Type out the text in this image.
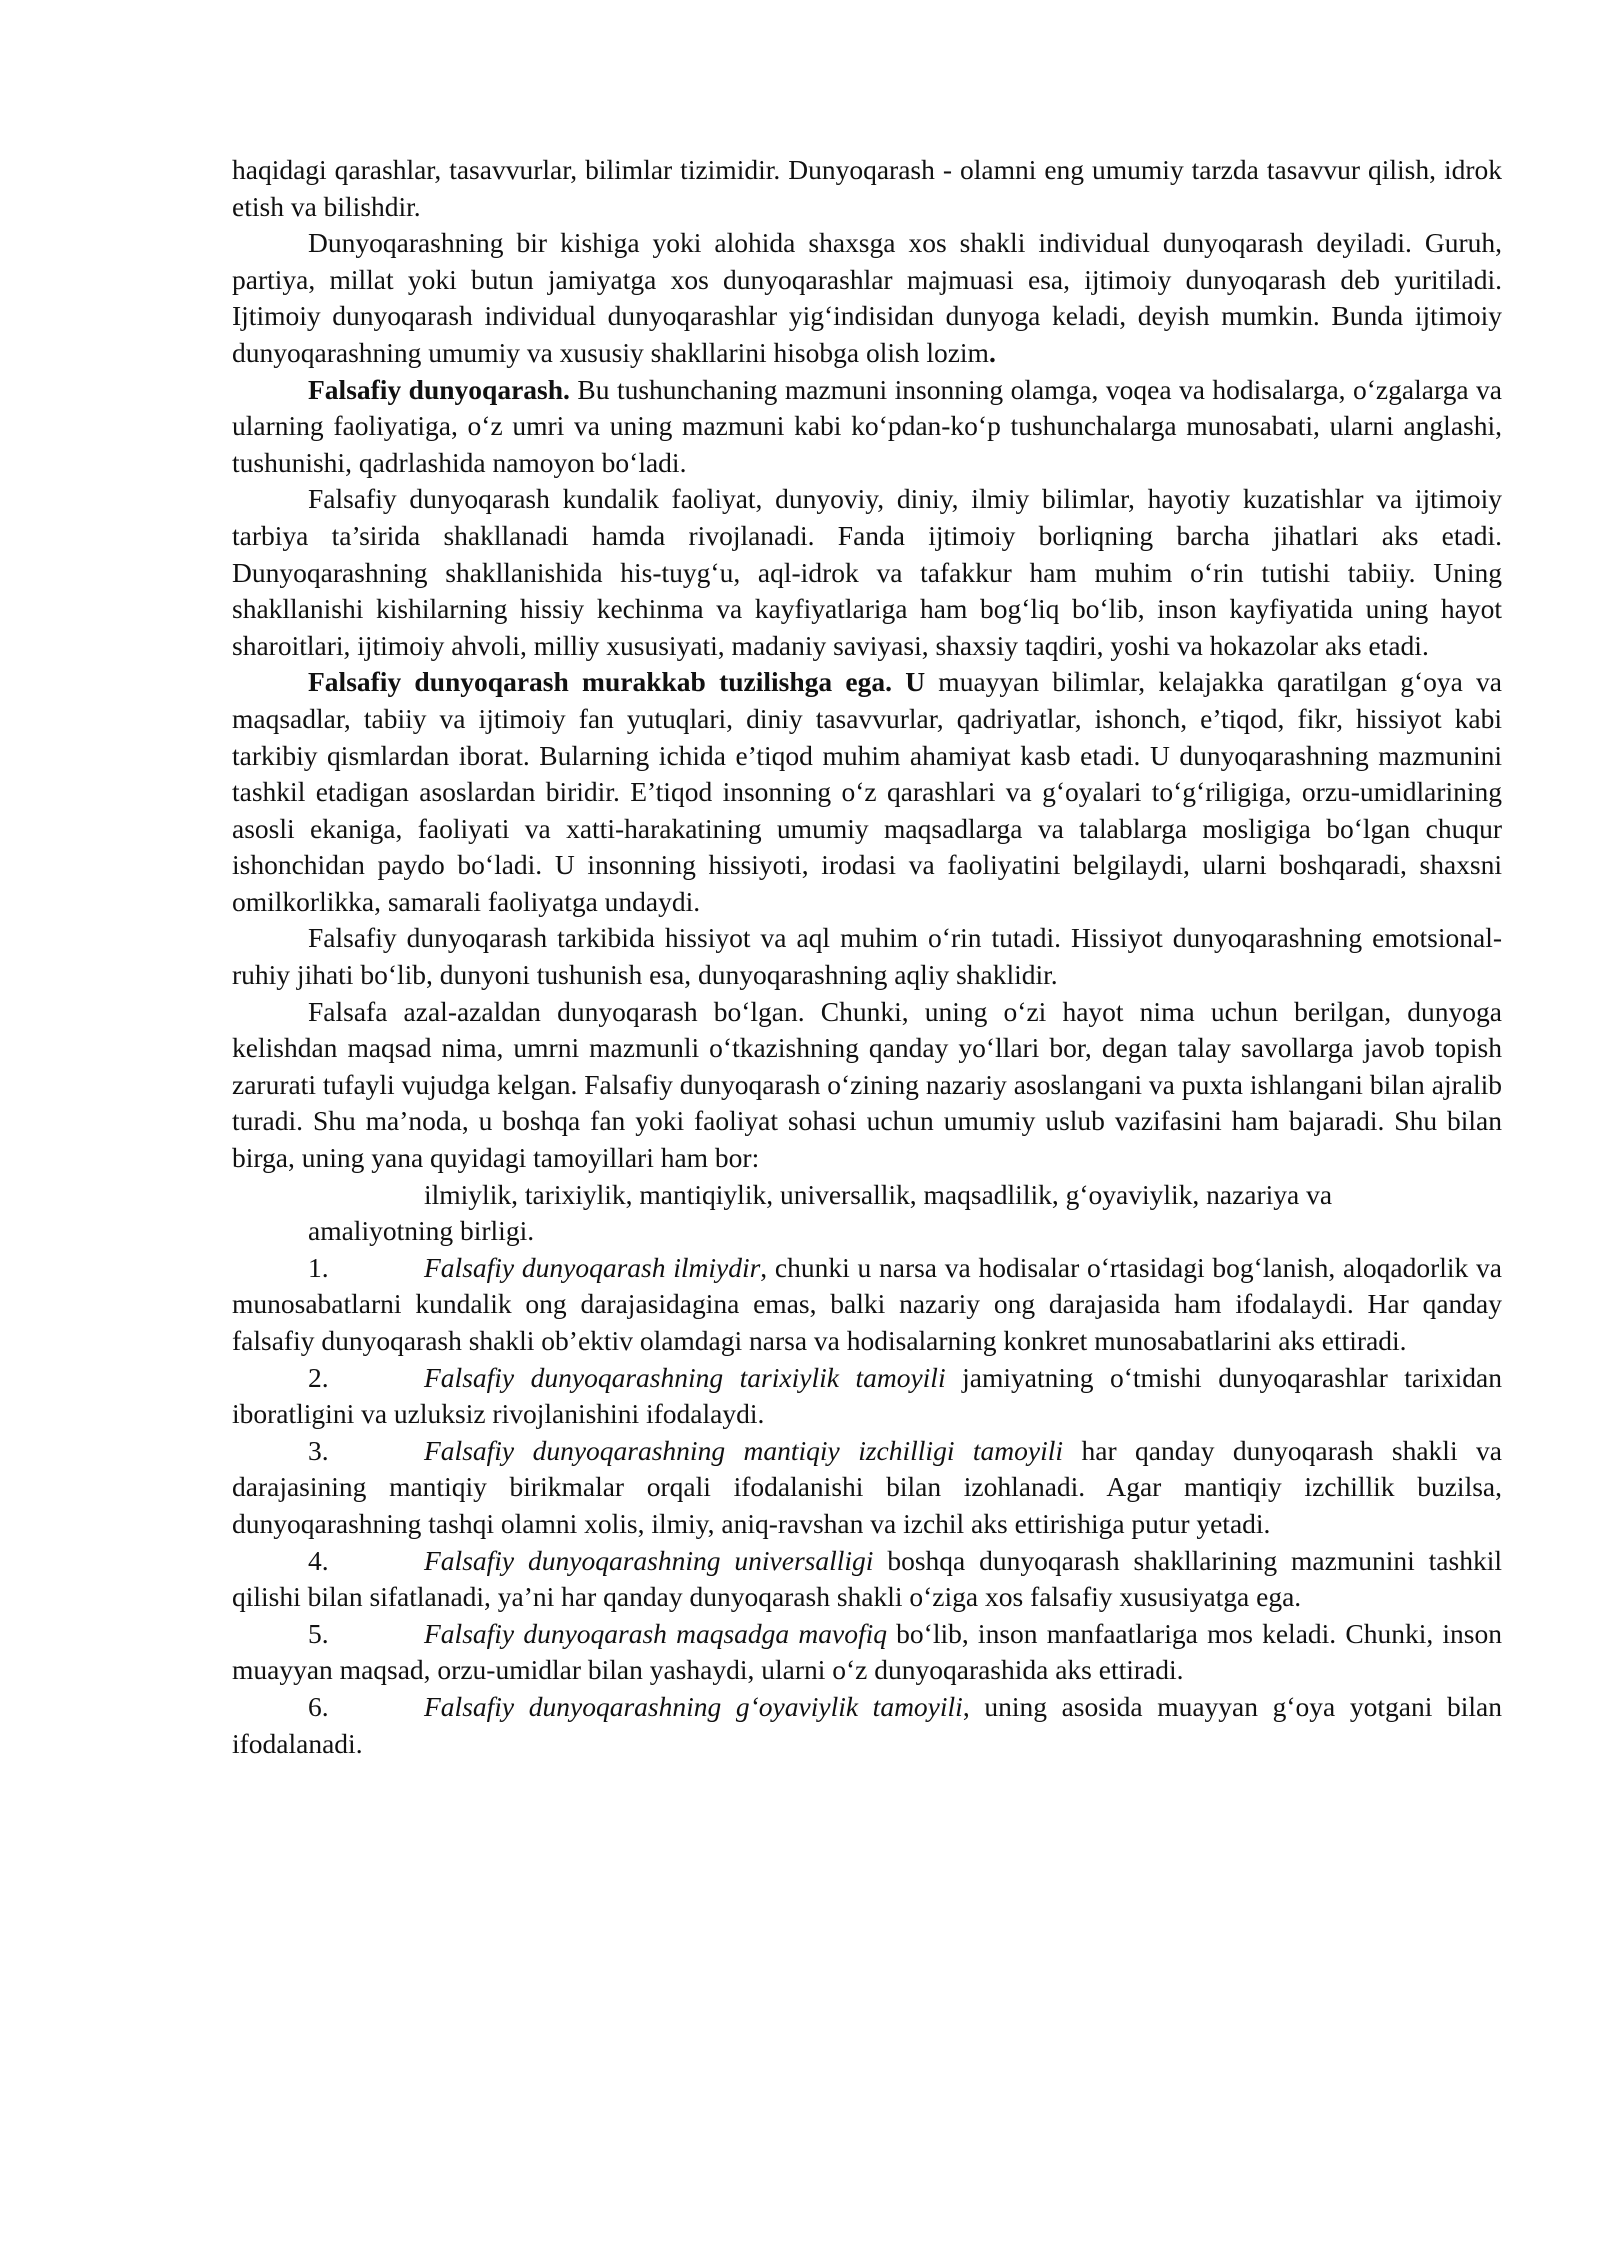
haqidagi qarashlar, tasavvurlar, bilimlar tizimidir. Dunyoqarash - olamni eng umumiy tarzda tasavvur qilish, idrok etish va bilishdir.

Dunyoqarashning bir kishiga yoki alohida shaxsga xos shakli individual dunyoqarash deyiladi. Guruh, partiya, millat yoki butun jamiyatga xos dunyoqarashlar majmuasi esa, ijtimoiy dunyoqarash deb yuritiladi. Ijtimoiy dunyoqarash individual dunyoqarashlar yig‘indisidan dunyoga keladi, deyish mumkin. Bunda ijtimoiy dunyoqarashning umumiy va xususiy shakllarini hisobga olish lozim.

Falsafiy dunyoqarash. Bu tushunchaning mazmuni insonning olamga, voqea va hodisalarga, o‘zgalarga va ularning faoliyatiga, o‘z umri va uning mazmuni kabi ko‘pdan-ko‘p tushunchalarga munosabati, ularni anglashi, tushunishi, qadrlashida namoyon bo‘ladi.

Falsafiy dunyoqarash kundalik faoliyat, dunyoviy, diniy, ilmiy bilimlar, hayotiy kuzatishlar va ijtimoiy tarbiya ta’sirida shakllanadi hamda rivojlanadi. Fanda ijtimoiy borliqning barcha jihatlari aks etadi. Dunyoqarashning shakllanishida his-tuyg‘u, aql-idrok va tafakkur ham muhim o‘rin tutishi tabiiy. Uning shakllanishi kishilarning hissiy kechinma va kayfiyatlariga ham bog‘liq bo‘lib, inson kayfiyatida uning hayot sharoitlari, ijtimoiy ahvoli, milliy xususiyati, madaniy saviyasi, shaxsiy taqdiri, yoshi va hokazolar aks etadi.

Falsafiy dunyoqarash murakkab tuzilishga ega. U muayyan bilimlar, kelajakka qaratilgan g‘oya va maqsadlar, tabiiy va ijtimoiy fan yutuqlari, diniy tasavvurlar, qadriyatlar, ishonch, e’tiqod, fikr, hissiyot kabi tarkibiy qismlardan iborat. Bularning ichida e’tiqod muhim ahamiyat kasb etadi. U dunyoqarashning mazmunini tashkil etadigan asoslardan biridir. E’tiqod insonning o‘z qarashlari va g‘oyalari to‘g‘riligiga, orzu-umidlarining asosli ekaniga, faoliyati va xatti-harakatining umumiy maqsadlarga va talablarga mosligiga bo‘lgan chuqur ishonchidan paydo bo‘ladi. U insonning hissiyoti, irodasi va faoliyatini belgilaydi, ularni boshqaradi, shaxsni omilkorlikka, samarali faoliyatga undaydi.

Falsafiy dunyoqarash tarkibida hissiyot va aql muhim o‘rin tutadi. Hissiyot dunyoqarashning emotsional-ruhiy jihati bo‘lib, dunyoni tushunish esa, dunyoqarashning aqliy shaklidir.

Falsafa azal-azaldan dunyoqarash bo‘lgan. Chunki, uning o‘zi hayot nima uchun berilgan, dunyoga kelishdan maqsad nima, umrni mazmunli o‘tkazishning qanday yo‘llari bor, degan talay savollarga javob topish zarurati tufayli vujudga kelgan. Falsafiy dunyoqarash o‘zining nazariy asoslangani va puxta ishlangani bilan ajralib turadi. Shu ma’noda, u boshqa fan yoki faoliyat sohasi uchun umumiy uslub vazifasini ham bajaradi. Shu bilan birga, uning yana quyidagi tamoyillari ham bor:

ilmiylik, tarixiylik, mantiqiylik, universallik, maqsadlilik, g‘oyaviylik, nazariya va
amaliyotning birligi.

1.	Falsafiy dunyoqarash ilmiydir, chunki u narsa va hodisalar o‘rtasidagi bog‘lanish, aloqadorlik va munosabatlarni kundalik ong darajasidagina emas, balki nazariy ong darajasida ham ifodalaydi. Har qanday falsafiy dunyoqarash shakli ob’ektiv olamdagi narsa va hodisalarning konkret munosabatlarini aks ettiradi.

2.	Falsafiy dunyoqarashning tarixiylik tamoyili jamiyatning o‘tmishi dunyoqarashlar tarixidan iboratligini va uzluksiz rivojlanishini ifodalaydi.

3.	Falsafiy dunyoqarashning mantiqiy izchilligi tamoyili har qanday dunyoqarash shakli va darajasining mantiqiy birikmalar orqali ifodalanishi bilan izohlanadi. Agar mantiqiy izchillik buzilsa, dunyoqarashning tashqi olamni xolis, ilmiy, aniq-ravshan va izchil aks ettirishiga putur yetadi.

4.	Falsafiy dunyoqarashning universalligi boshqa dunyoqarash shakllarining mazmunini tashkil qilishi bilan sifatlanadi, ya’ni har qanday dunyoqarash shakli o‘ziga xos falsafiy xususiyatga ega.

5.	Falsafiy dunyoqarash maqsadga mavofiq bo‘lib, inson manfaatlariga mos keladi. Chunki, inson muayyan maqsad, orzu-umidlar bilan yashaydi, ularni o‘z dunyoqarashida aks ettiradi.

6.	Falsafiy dunyoqarashning g‘oyaviylik tamoyili, uning asosida muayyan g‘oya yotgani bilan ifodalanadi.
